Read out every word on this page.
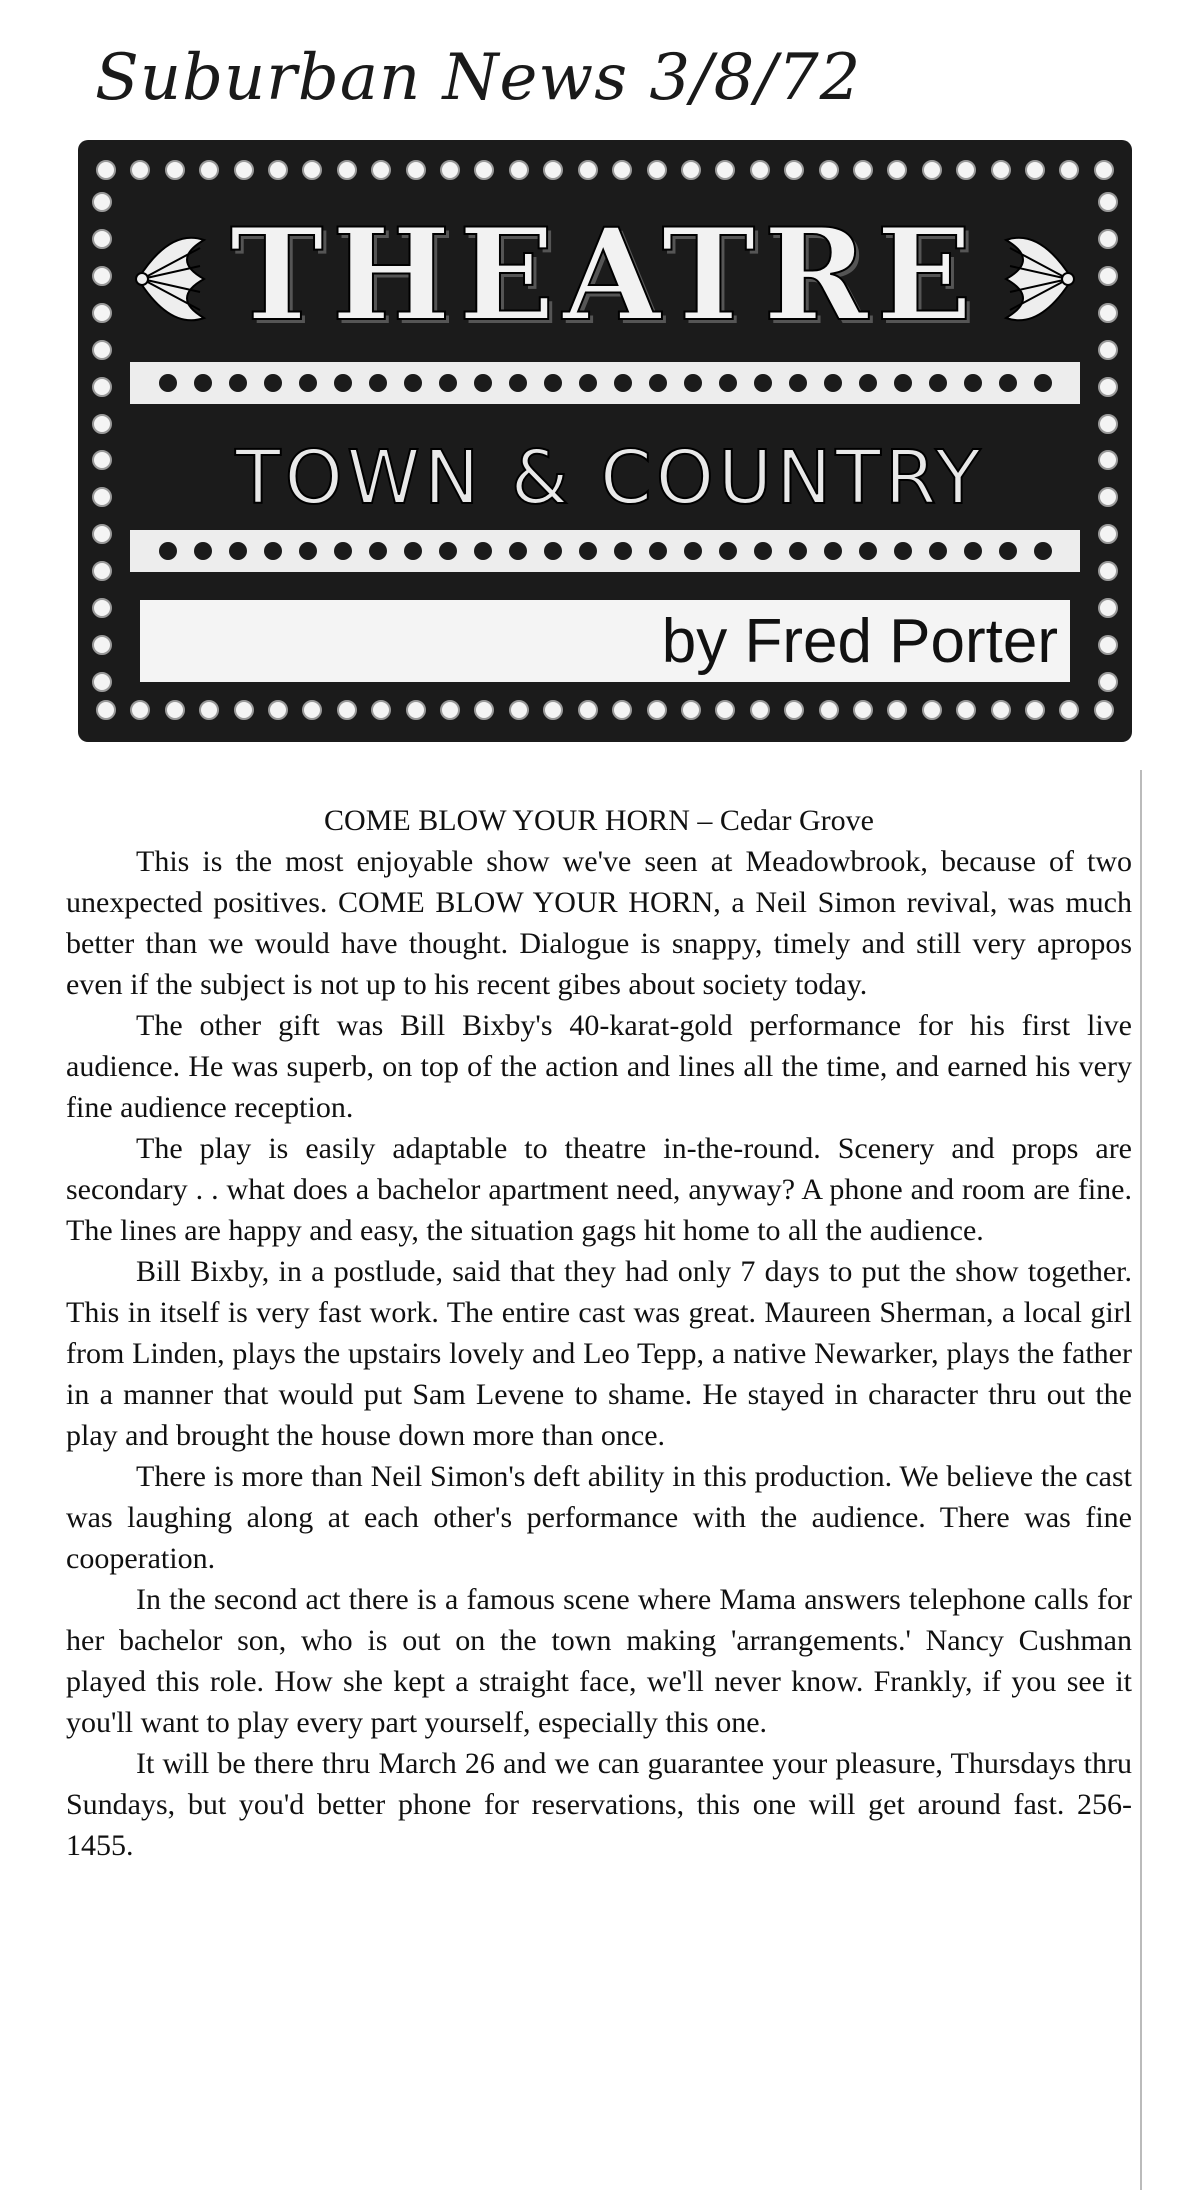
Suburban News 3/8/72
THEATRE
TOWN & COUNTRY
by Fred Porter
COME BLOW YOUR HORN – Cedar Grove

This is the most enjoyable show we've seen at Meadowbrook, because of two unexpected positives. COME BLOW YOUR HORN, a Neil Simon revival, was much better than we would have thought. Dialogue is snappy, timely and still very apropos even if the subject is not up to his recent gibes about society today.

The other gift was Bill Bixby's 40-karat-gold performance for his first live audience. He was superb, on top of the action and lines all the time, and earned his very fine audience reception.

The play is easily adaptable to theatre in-the-round. Scenery and props are secondary . . what does a bachelor apartment need, anyway? A phone and room are fine. The lines are happy and easy, the situation gags hit home to all the audience.

Bill Bixby, in a postlude, said that they had only 7 days to put the show together. This in itself is very fast work. The entire cast was great. Maureen Sherman, a local girl from Linden, plays the upstairs lovely and Leo Tepp, a native Newarker, plays the father in a manner that would put Sam Levene to shame. He stayed in character thru out the play and brought the house down more than once.

There is more than Neil Simon's deft ability in this production. We believe the cast was laughing along at each other's performance with the audience. There was fine cooperation.

In the second act there is a famous scene where Mama answers telephone calls for her bachelor son, who is out on the town making 'arrangements.' Nancy Cushman played this role. How she kept a straight face, we'll never know. Frankly, if you see it you'll want to play every part yourself, especially this one.

It will be there thru March 26 and we can guarantee your pleasure, Thursdays thru Sundays, but you'd better phone for reservations, this one will get around fast. 256-1455.
